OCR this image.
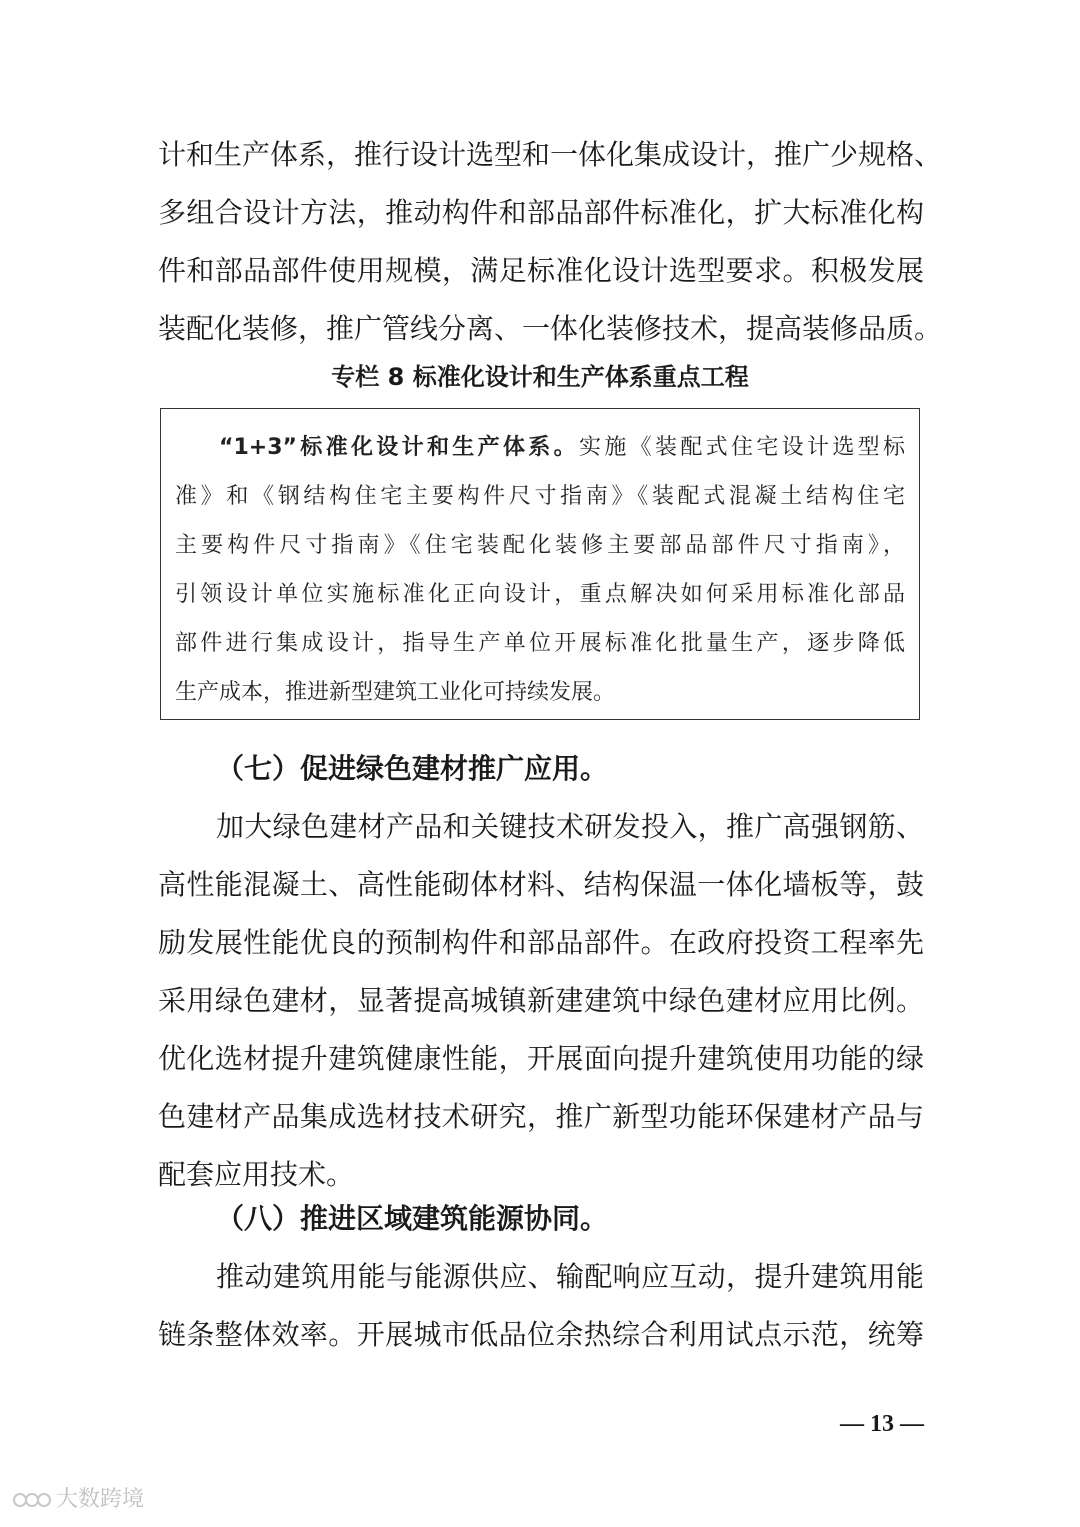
计和生产体系，推行设计选型和一体化集成设计，推广少规格、
多组合设计方法，推动构件和部品部件标准化，扩大标准化构
件和部品部件使用规模，满足标准化设计选型要求。积极发展
装配化装修，推广管线分离、一体化装修技术，提高装修品质。
专栏 8 标准化设计和生产体系重点工程
“1+3”标准化设计和生产体系。实施《装配式住宅设计选型标
准》和《钢结构住宅主要构件尺寸指南》《装配式混凝土结构住宅
主要构件尺寸指南》《住宅装配化装修主要部品部件尺寸指南》，
引领设计单位实施标准化正向设计，重点解决如何采用标准化部品
部件进行集成设计，指导生产单位开展标准化批量生产，逐步降低
生产成本，推进新型建筑工业化可持续发展。
（七）促进绿色建材推广应用。
加大绿色建材产品和关键技术研发投入，推广高强钢筋、
高性能混凝土、高性能砌体材料、结构保温一体化墙板等，鼓
励发展性能优良的预制构件和部品部件。在政府投资工程率先
采用绿色建材，显著提高城镇新建建筑中绿色建材应用比例。
优化选材提升建筑健康性能，开展面向提升建筑使用功能的绿
色建材产品集成选材技术研究，推广新型功能环保建材产品与
配套应用技术。
（八）推进区域建筑能源协同。
推动建筑用能与能源供应、输配响应互动，提升建筑用能
链条整体效率。开展城市低品位余热综合利用试点示范，统筹
— 13 —
大数跨境
